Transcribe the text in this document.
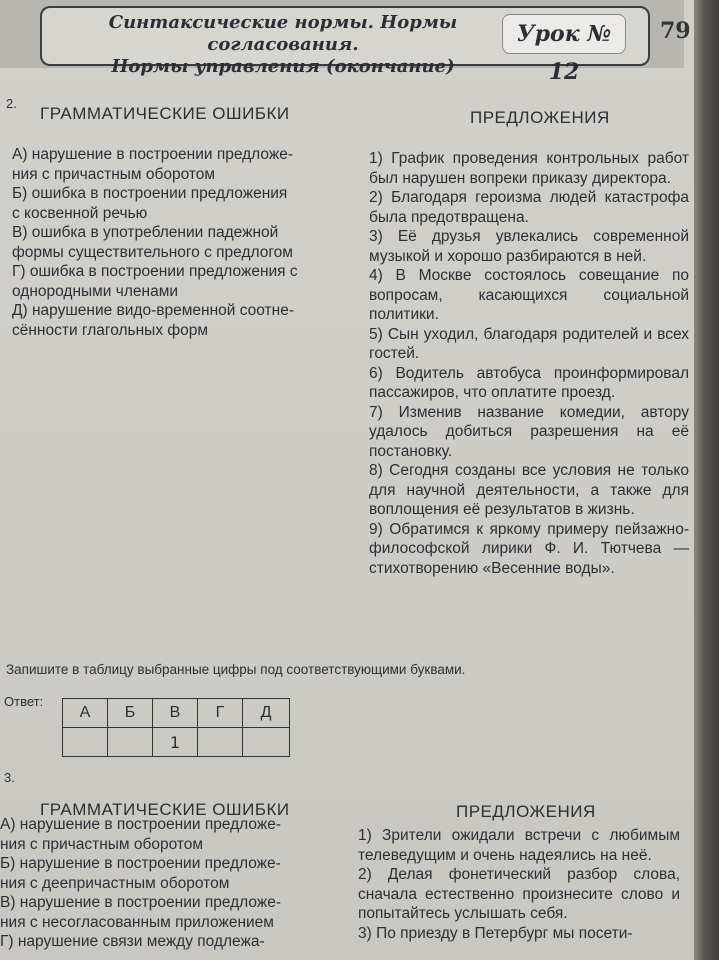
Синтаксические нормы. Нормы согласования.
Нормы управления (окончание)
Урок № 12
79
⠀
2.
ГРАММАТИЧЕСКИЕ ОШИБКИ	ПРЕДЛОЖЕНИЯ
А) нарушение в построении предложе-
ния с причастным оборотом
Б) ошибка в построении предложения
с косвенной речью
В) ошибка в употреблении падежной
формы существительного с предлогом
Г) ошибка в построении предложения с
однородными членами
Д) нарушение видо-временной соотне-
сённости глагольных форм

1) График проведения контрольных работ был нарушен вопреки приказу директора.

2) Благодаря героизма людей катастрофа была предотвращена.

3) Её друзья увлекались современной музыкой и хорошо разбираются в ней.

4) В Москве состоялось совещание по вопросам, касающихся социальной политики.

5) Сын уходил, благодаря родителей и всех гостей.

6) Водитель автобуса проинформировал пассажиров, что оплатите проезд.

7) Изменив название комедии, автору удалось добиться разрешения на её постановку.

8) Сегодня созданы все условия не только для научной деятельности, а также для воплощения её результатов в жизнь.

9) Обратимся к яркому примеру пейзажно-философской лирики Ф. И. Тютчева — стихотворению «Весенние воды».

Запишите в таблицу выбранные цифры под соответствующими буквами.
Ответ:
А	Б	В	Г	Д
		1		
3.
ГРАММАТИЧЕСКИЕ ОШИБКИ	ПРЕДЛОЖЕНИЯ
А) нарушение в построении предложе-
ния с причастным оборотом
Б) нарушение в построении предложе-
ния с деепричастным оборотом
В) нарушение в построении предложе-
ния с несогласованным приложением
Г) нарушение связи между подлежа-

1) Зрители ожидали встречи с любимым телеведущим и очень надеялись на неё.

2) Делая фонетический разбор слова, сначала естественно произнесите слово и попытайтесь услышать себя.

3) По приезду в Петербург мы посети-
